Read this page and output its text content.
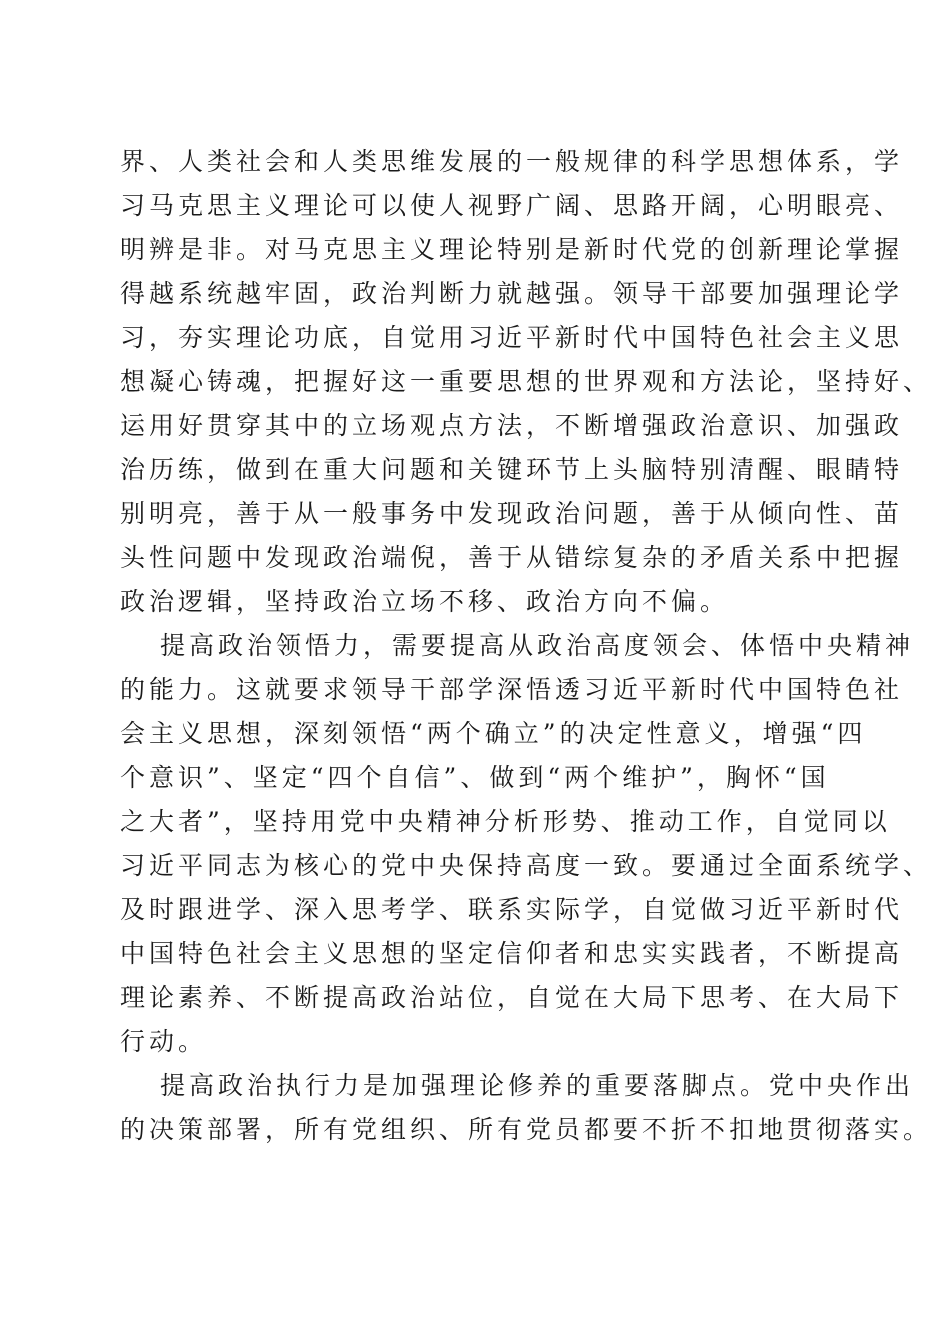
界、人类社会和人类思维发展的一般规律的科学思想体系，学
习马克思主义理论可以使人视野广阔、思路开阔，心明眼亮、
明辨是非。对马克思主义理论特别是新时代党的创新理论掌握
得越系统越牢固，政治判断力就越强。领导干部要加强理论学
习，夯实理论功底，自觉用习近平新时代中国特色社会主义思
想凝心铸魂，把握好这一重要思想的世界观和方法论，坚持好、
运用好贯穿其中的立场观点方法，不断增强政治意识、加强政
治历练，做到在重大问题和关键环节上头脑特别清醒、眼睛特
别明亮，善于从一般事务中发现政治问题，善于从倾向性、苗
头性问题中发现政治端倪，善于从错综复杂的矛盾关系中把握
政治逻辑，坚持政治立场不移、政治方向不偏。
提高政治领悟力，需要提高从政治高度领会、体悟中央精神
的能力。这就要求领导干部学深悟透习近平新时代中国特色社
会主义思想，深刻领悟“两个确立”的决定性意义，增强“四
个意识”、坚定“四个自信”、做到“两个维护”，胸怀“国
之大者”，坚持用党中央精神分析形势、推动工作，自觉同以
习近平同志为核心的党中央保持高度一致。要通过全面系统学、
及时跟进学、深入思考学、联系实际学，自觉做习近平新时代
中国特色社会主义思想的坚定信仰者和忠实实践者，不断提高
理论素养、不断提高政治站位，自觉在大局下思考、在大局下
行动。
提高政治执行力是加强理论修养的重要落脚点。党中央作出
的决策部署，所有党组织、所有党员都要不折不扣地贯彻落实。
